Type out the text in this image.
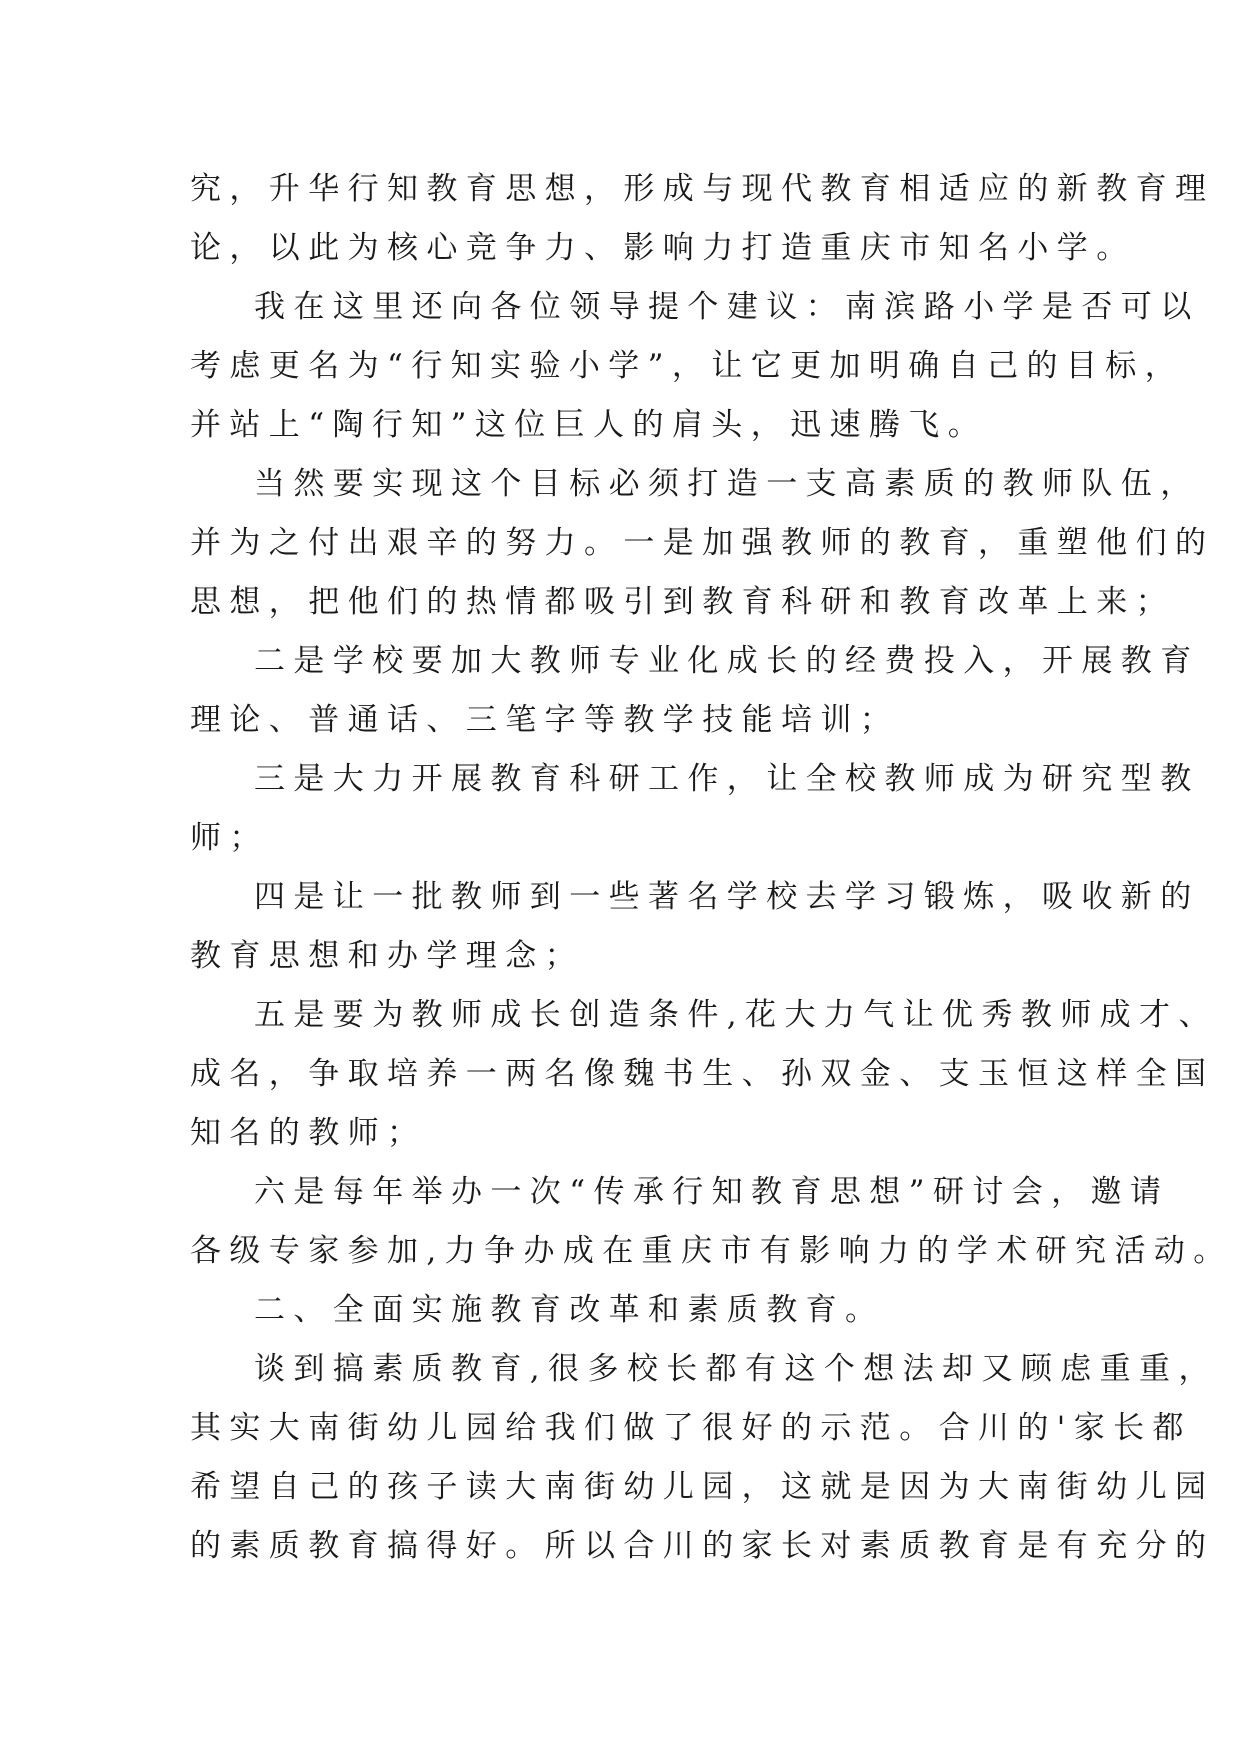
究，升华行知教育思想，形成与现代教育相适应的新教育理
论，以此为核心竞争力、影响力打造重庆市知名小学。
我在这里还向各位领导提个建议：南滨路小学是否可以
考虑更名为“行知实验小学”，让它更加明确自己的目标，
并站上“陶行知”这位巨人的肩头，迅速腾飞。
当然要实现这个目标必须打造一支高素质的教师队伍，
并为之付出艰辛的努力。一是加强教师的教育，重塑他们的
思想，把他们的热情都吸引到教育科研和教育改革上来；
二是学校要加大教师专业化成长的经费投入，开展教育
理论、普通话、三笔字等教学技能培训；
三是大力开展教育科研工作，让全校教师成为研究型教
师；
四是让一批教师到一些著名学校去学习锻炼，吸收新的
教育思想和办学理念；
五是要为教师成长创造条件,花大力气让优秀教师成才、
成名，争取培养一两名像魏书生、孙双金、支玉恒这样全国
知名的教师；
六是每年举办一次“传承行知教育思想”研讨会，邀请
各级专家参加,力争办成在重庆市有影响力的学术研究活动。
二、全面实施教育改革和素质教育。
谈到搞素质教育,很多校长都有这个想法却又顾虑重重，
其实大南街幼儿园给我们做了很好的示范。合川的'家长都
希望自己的孩子读大南街幼儿园，这就是因为大南街幼儿园
的素质教育搞得好。所以合川的家长对素质教育是有充分的
